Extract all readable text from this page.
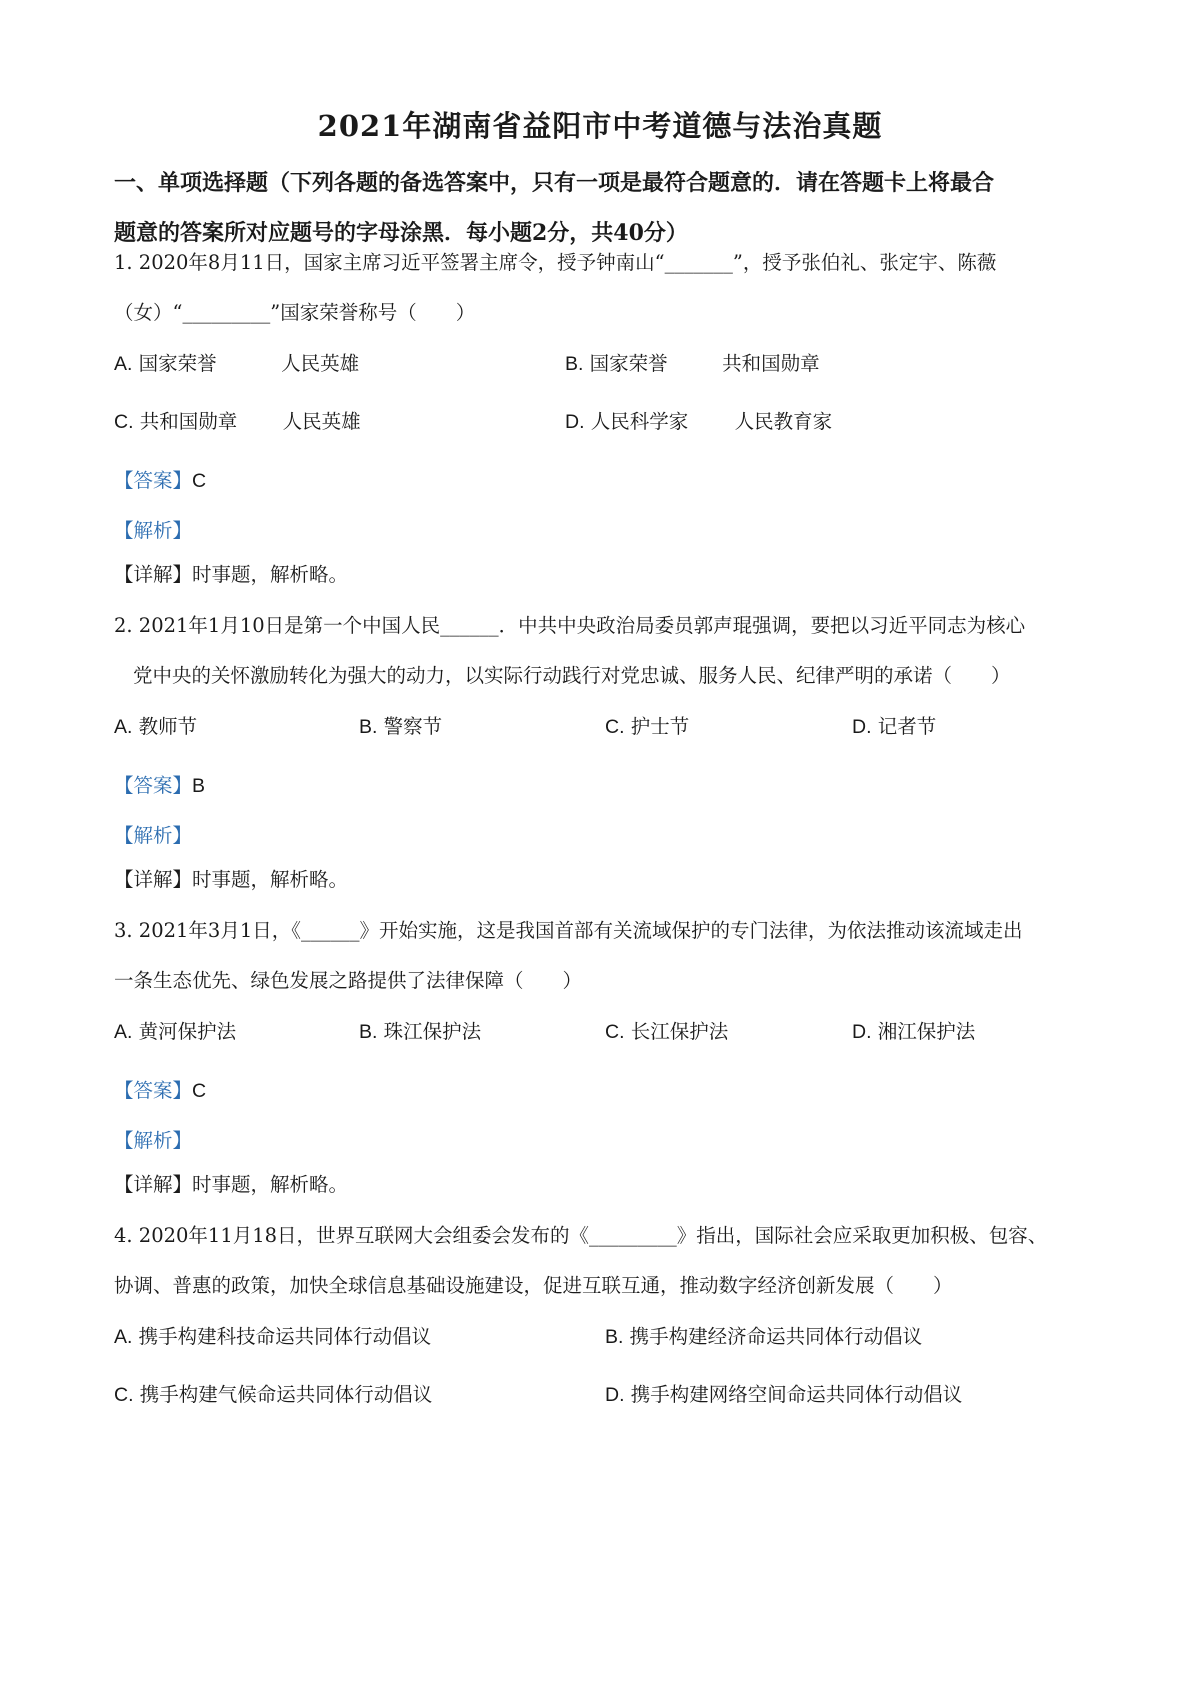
2021年湖南省益阳市中考道德与法治真题
一、单项选择题（下列各题的备选答案中，只有一项是最符合题意的．请在答题卡上将最合
题意的答案所对应题号的字母涂黑．每小题2分，共40分）
1. 2020年8月11日，国家主席习近平签署主席令，授予钟南山“_______”，授予张伯礼、张定宇、陈薇
（女）“_________”国家荣誉称号（　　）
A. 国家荣誉	人民英雄	B. 国家荣誉	共和国勋章
C. 共和国勋章 人民英雄	D. 人民科学家 人民教育家
【答案】C
【解析】
【详解】时事题，解析略。
2. 2021年1月10日是第一个中国人民______．中共中央政治局委员郭声琨强调，要把以习近平同志为核心
党中央的关怀激励转化为强大的动力，以实际行动践行对党忠诚、服务人民、纪律严明的承诺（　　）
A. 教师节	B. 警察节	C. 护士节	D. 记者节
【答案】B
【解析】
【详解】时事题，解析略。
3. 2021年3月1日，《______》开始实施，这是我国首部有关流域保护的专门法律，为依法推动该流域走出
一条生态优先、绿色发展之路提供了法律保障（　　）
A. 黄河保护法	B. 珠江保护法	C. 长江保护法	D. 湘江保护法
【答案】C
【解析】
【详解】时事题，解析略。
4. 2020年11月18日，世界互联网大会组委会发布的《_________》指出，国际社会应采取更加积极、包容、
协调、普惠的政策，加快全球信息基础设施建设，促进互联互通，推动数字经济创新发展（　　）
A. 携手构建科技命运共同体行动倡议	B. 携手构建经济命运共同体行动倡议
C. 携手构建气候命运共同体行动倡议	D. 携手构建网络空间命运共同体行动倡议
